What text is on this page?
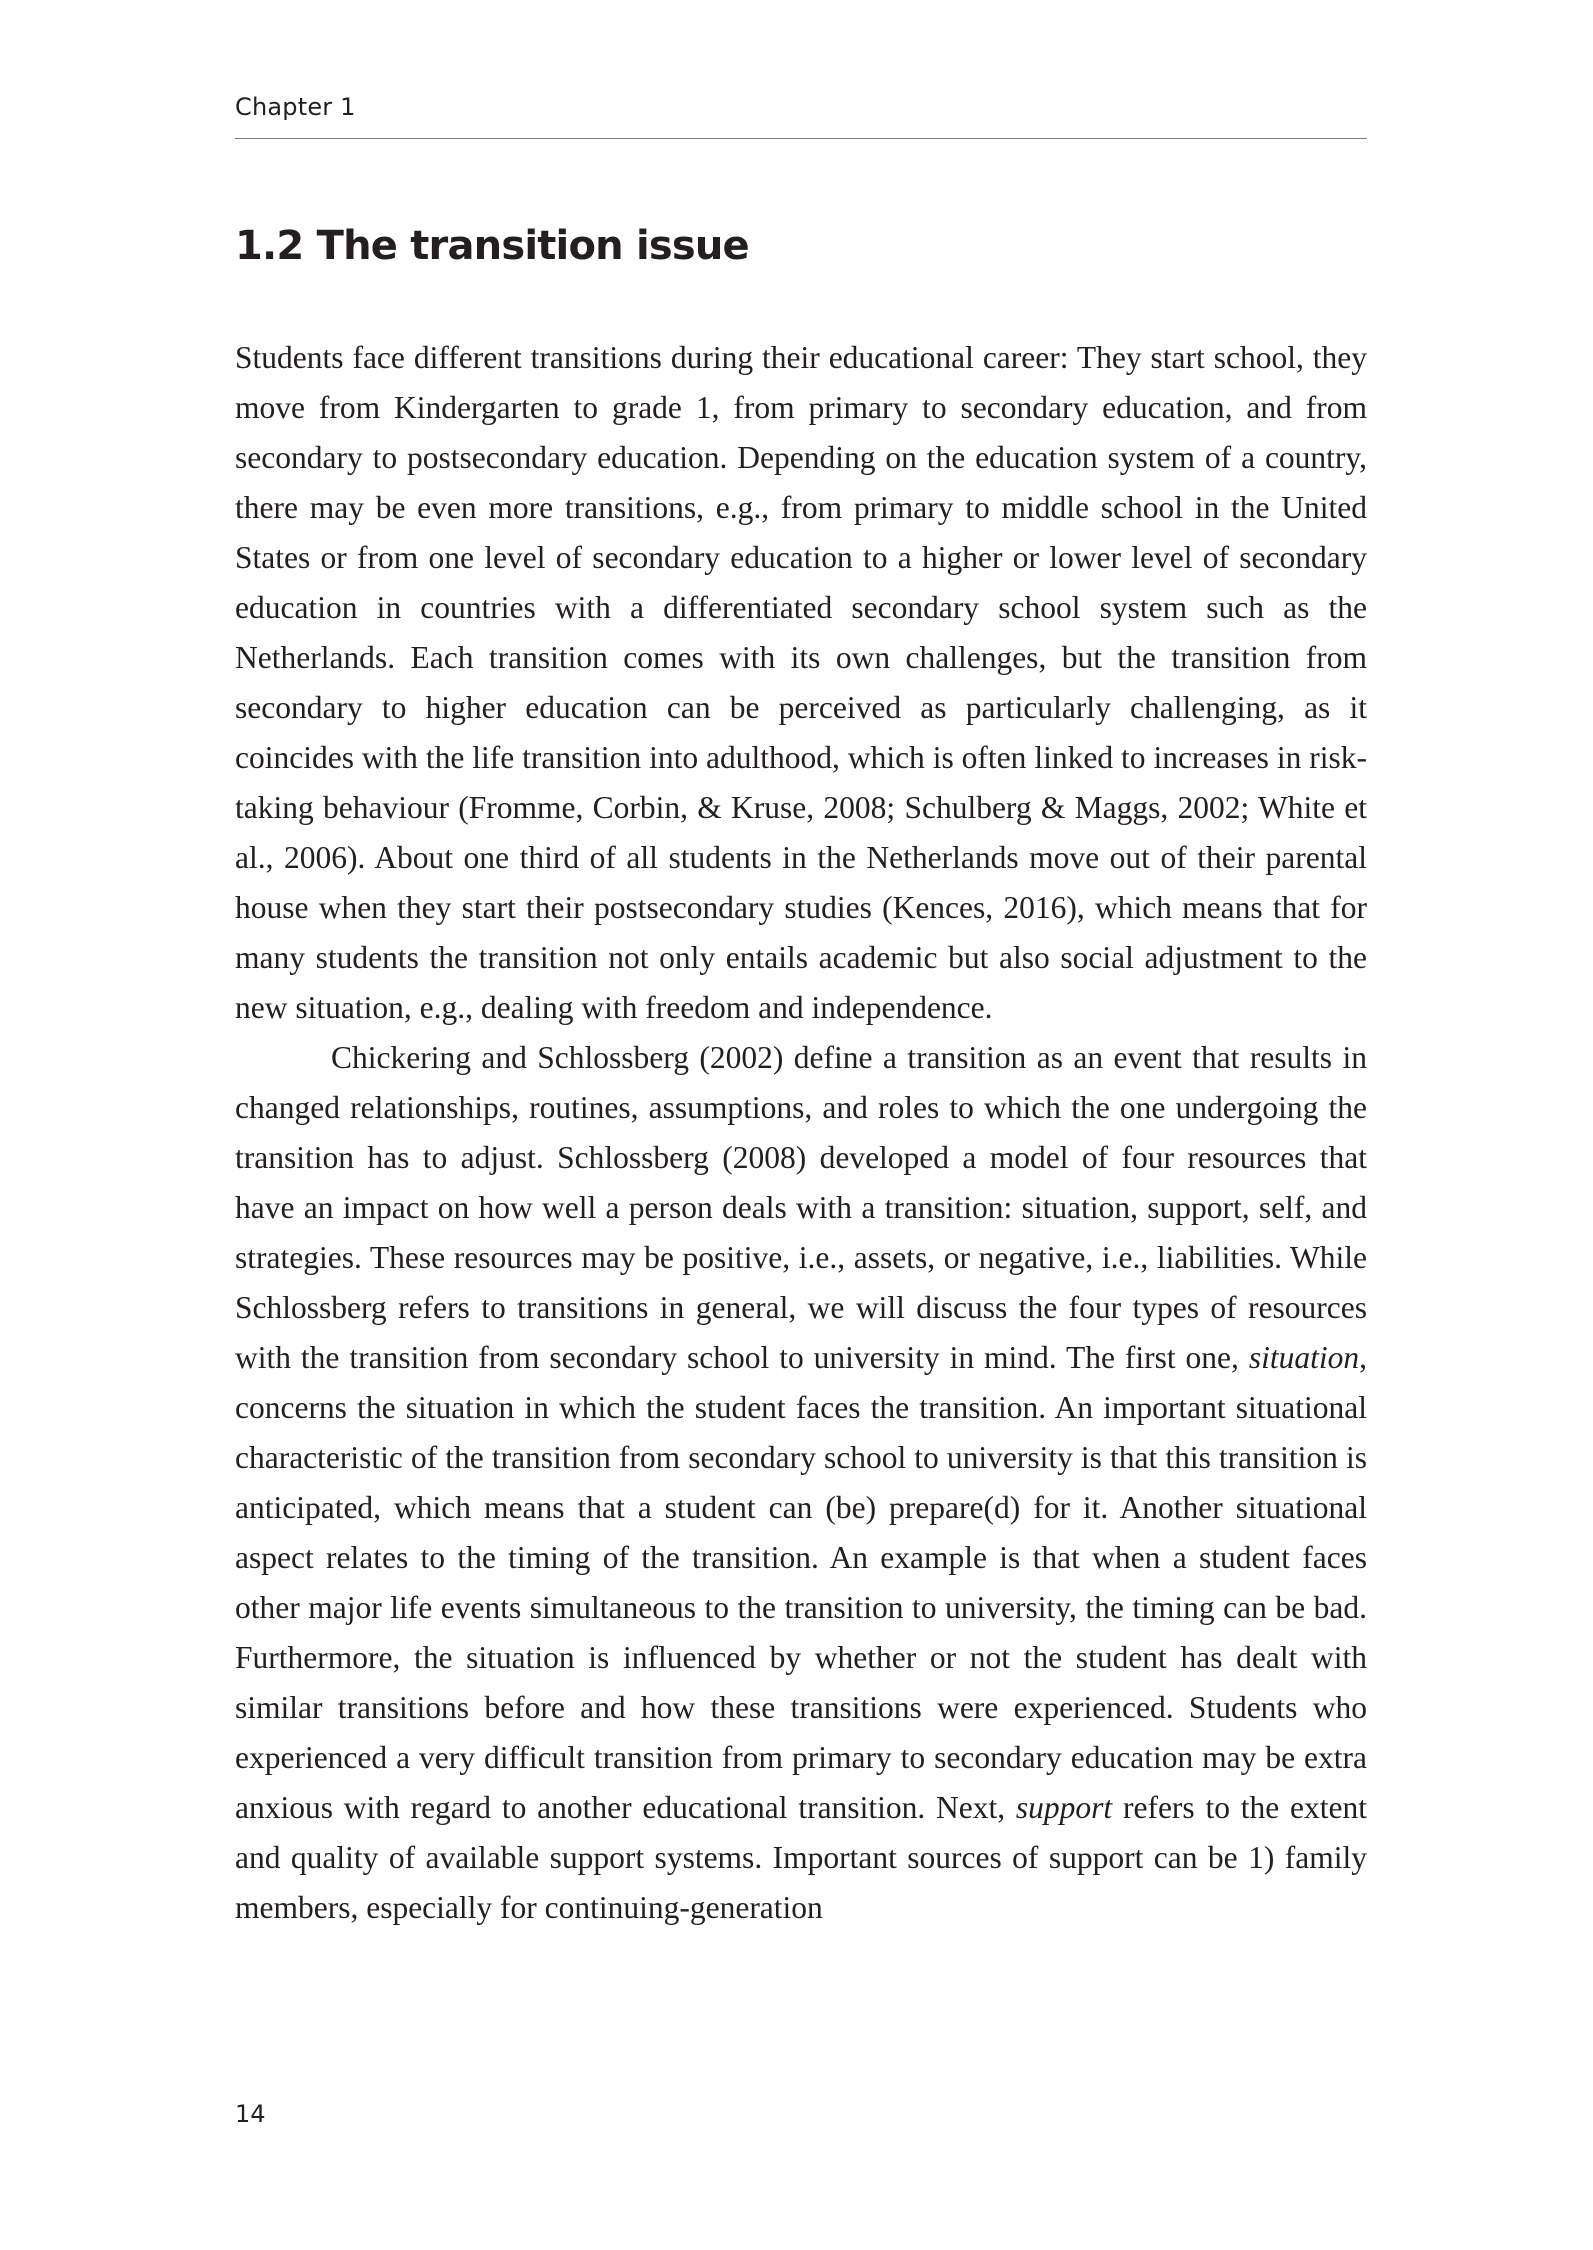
Chapter 1
1.2 The transition issue

Students face different transitions during their educational career: They start school, they move from Kindergarten to grade 1, from primary to secondary education, and from secondary to postsecondary education. Depending on the education system of a country, there may be even more transitions, e.g., from primary to middle school in the United States or from one level of secondary education to a higher or lower level of secondary education in countries with a differentiated secondary school system such as the Netherlands. Each transition comes with its own challenges, but the transition from secondary to higher education can be perceived as particularly challenging, as it coincides with the life transition into adulthood, which is often linked to increases in risk-taking behaviour (Fromme, Corbin, & Kruse, 2008; Schulberg & Maggs, 2002; White et al., 2006). About one third of all students in the Netherlands move out of their parental house when they start their postsecondary studies (Kences, 2016), which means that for many students the transition not only entails academic but also social adjustment to the new situation, e.g., dealing with freedom and independence.

Chickering and Schlossberg (2002) define a transition as an event that results in changed relationships, routines, assumptions, and roles to which the one undergoing the transition has to adjust. Schlossberg (2008) developed a model of four resources that have an impact on how well a person deals with a transition: situation, support, self, and strategies. These resources may be positive, i.e., assets, or negative, i.e., liabilities. While Schlossberg refers to transitions in general, we will discuss the four types of resources with the transition from secondary school to university in mind. The first one, situation, concerns the situation in which the student faces the transition. An important situational characteristic of the transition from secondary school to university is that this transition is anticipated, which means that a student can (be) prepare(d) for it. Another situational aspect relates to the timing of the transition. An example is that when a student faces other major life events simultaneous to the transition to university, the timing can be bad. Furthermore, the situation is influenced by whether or not the student has dealt with similar transitions before and how these transitions were experienced. Students who experienced a very difficult transition from primary to secondary education may be extra anxious with regard to another educational transition. Next, support refers to the extent and quality of available support systems. Important sources of support can be 1) family members, especially for continuing-generation

14
